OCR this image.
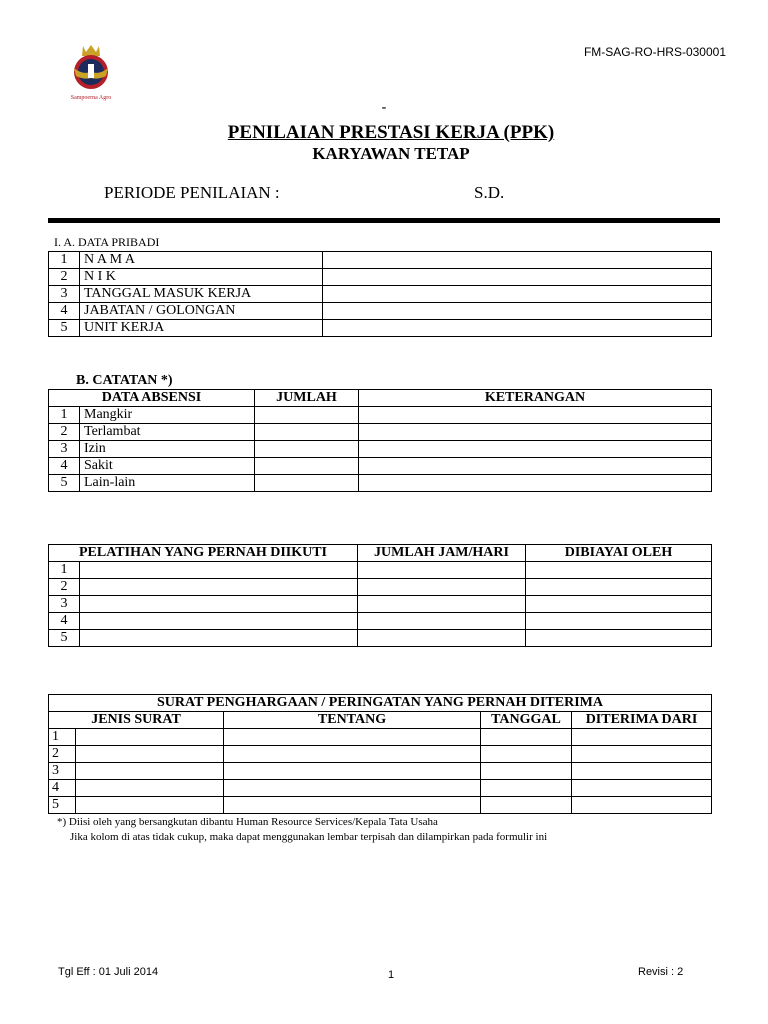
Sampoerna Agro
FM-SAG-RO-HRS-030001
-
PENILAIAN PRESTASI KERJA (PPK)
KARYAWAN TETAP
PERIODE PENILAIAN :	S.D.
I. A. DATA PRIBADI
1	N A M A	
2	N I K	
3	TANGGAL MASUK KERJA	
4	JABATAN / GOLONGAN	
5	UNIT KERJA	
B. CATATAN *)
DATA ABSENSI		JUMLAH	KETERANGAN
1	Mangkir		
2	Terlambat		
3	Izin		
4	Sakit		
5	Lain-lain		
PELATIHAN YANG PERNAH DIIKUTI		JUMLAH JAM/HARI	DIBIAYAI OLEH
1			
2			
3			
4			
5			
SURAT PENGHARGAAN / PERINGATAN YANG PERNAH DITERIMA				
JENIS SURAT		TENTANG	TANGGAL	DITERIMA DARI
1				
2				
3				
4				
5				
*) Diisi oleh yang bersangkutan dibantu Human Resource Services/Kepala Tata Usaha
Jika kolom di atas tidak cukup, maka dapat menggunakan lembar terpisah dan dilampirkan pada formulir ini
Tgl Eff : 01 Juli 2014	1	Revisi : 2
